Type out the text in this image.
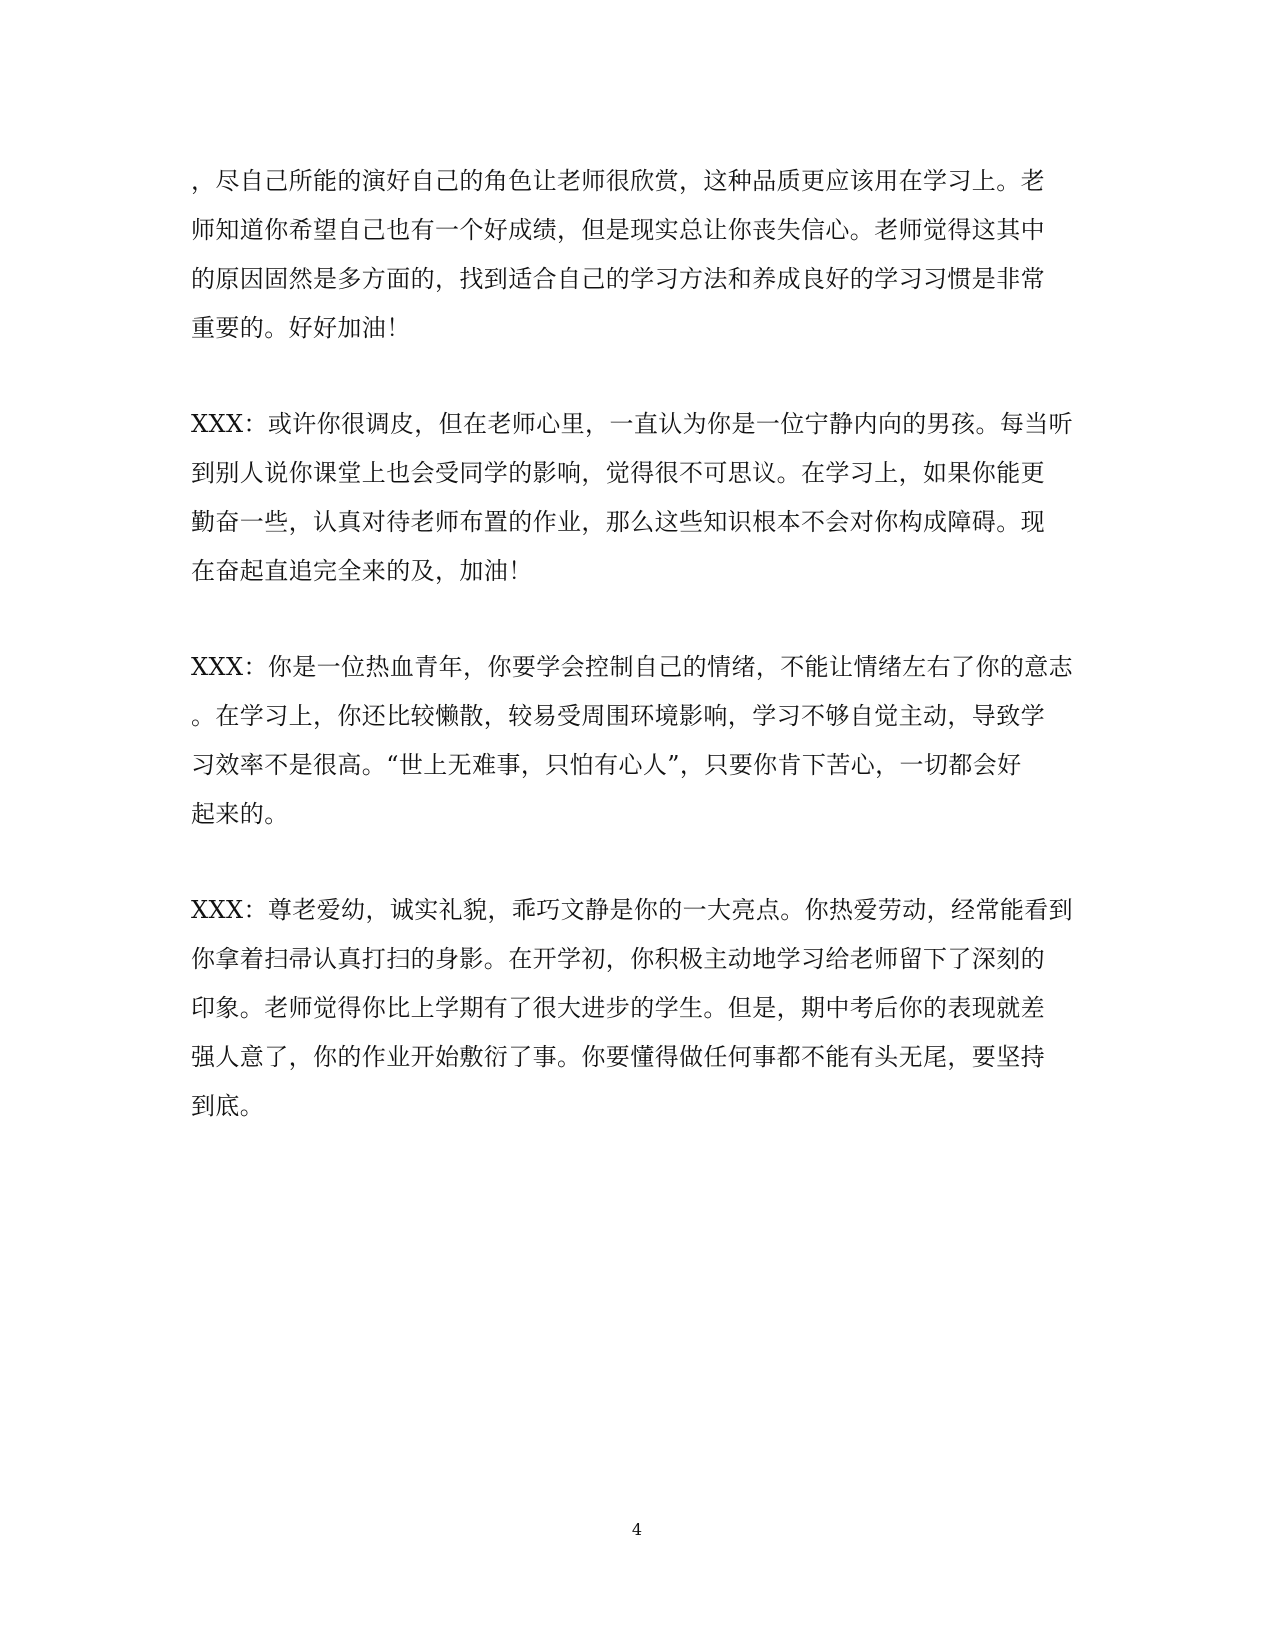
，尽自己所能的演好自己的角色让老师很欣赏，这种品质更应该用在学习上。老
师知道你希望自己也有一个好成绩，但是现实总让你丧失信心。老师觉得这其中
的原因固然是多方面的，找到适合自己的学习方法和养成良好的学习习惯是非常
重要的。好好加油！

XXX：或许你很调皮，但在老师心里，一直认为你是一位宁静内向的男孩。每当听
到别人说你课堂上也会受同学的影响，觉得很不可思议。在学习上，如果你能更
勤奋一些，认真对待老师布置的作业，那么这些知识根本不会对你构成障碍。现
在奋起直追完全来的及，加油！

XXX：你是一位热血青年，你要学会控制自己的情绪，不能让情绪左右了你的意志
。在学习上，你还比较懒散，较易受周围环境影响，学习不够自觉主动，导致学
习效率不是很高。“世上无难事，只怕有心人”，只要你肯下苦心，一切都会好
起来的。

XXX：尊老爱幼，诚实礼貌，乖巧文静是你的一大亮点。你热爱劳动，经常能看到
你拿着扫帚认真打扫的身影。在开学初，你积极主动地学习给老师留下了深刻的
印象。老师觉得你比上学期有了很大进步的学生。但是，期中考后你的表现就差
强人意了，你的作业开始敷衍了事。你要懂得做任何事都不能有头无尾，要坚持
到底。

4
